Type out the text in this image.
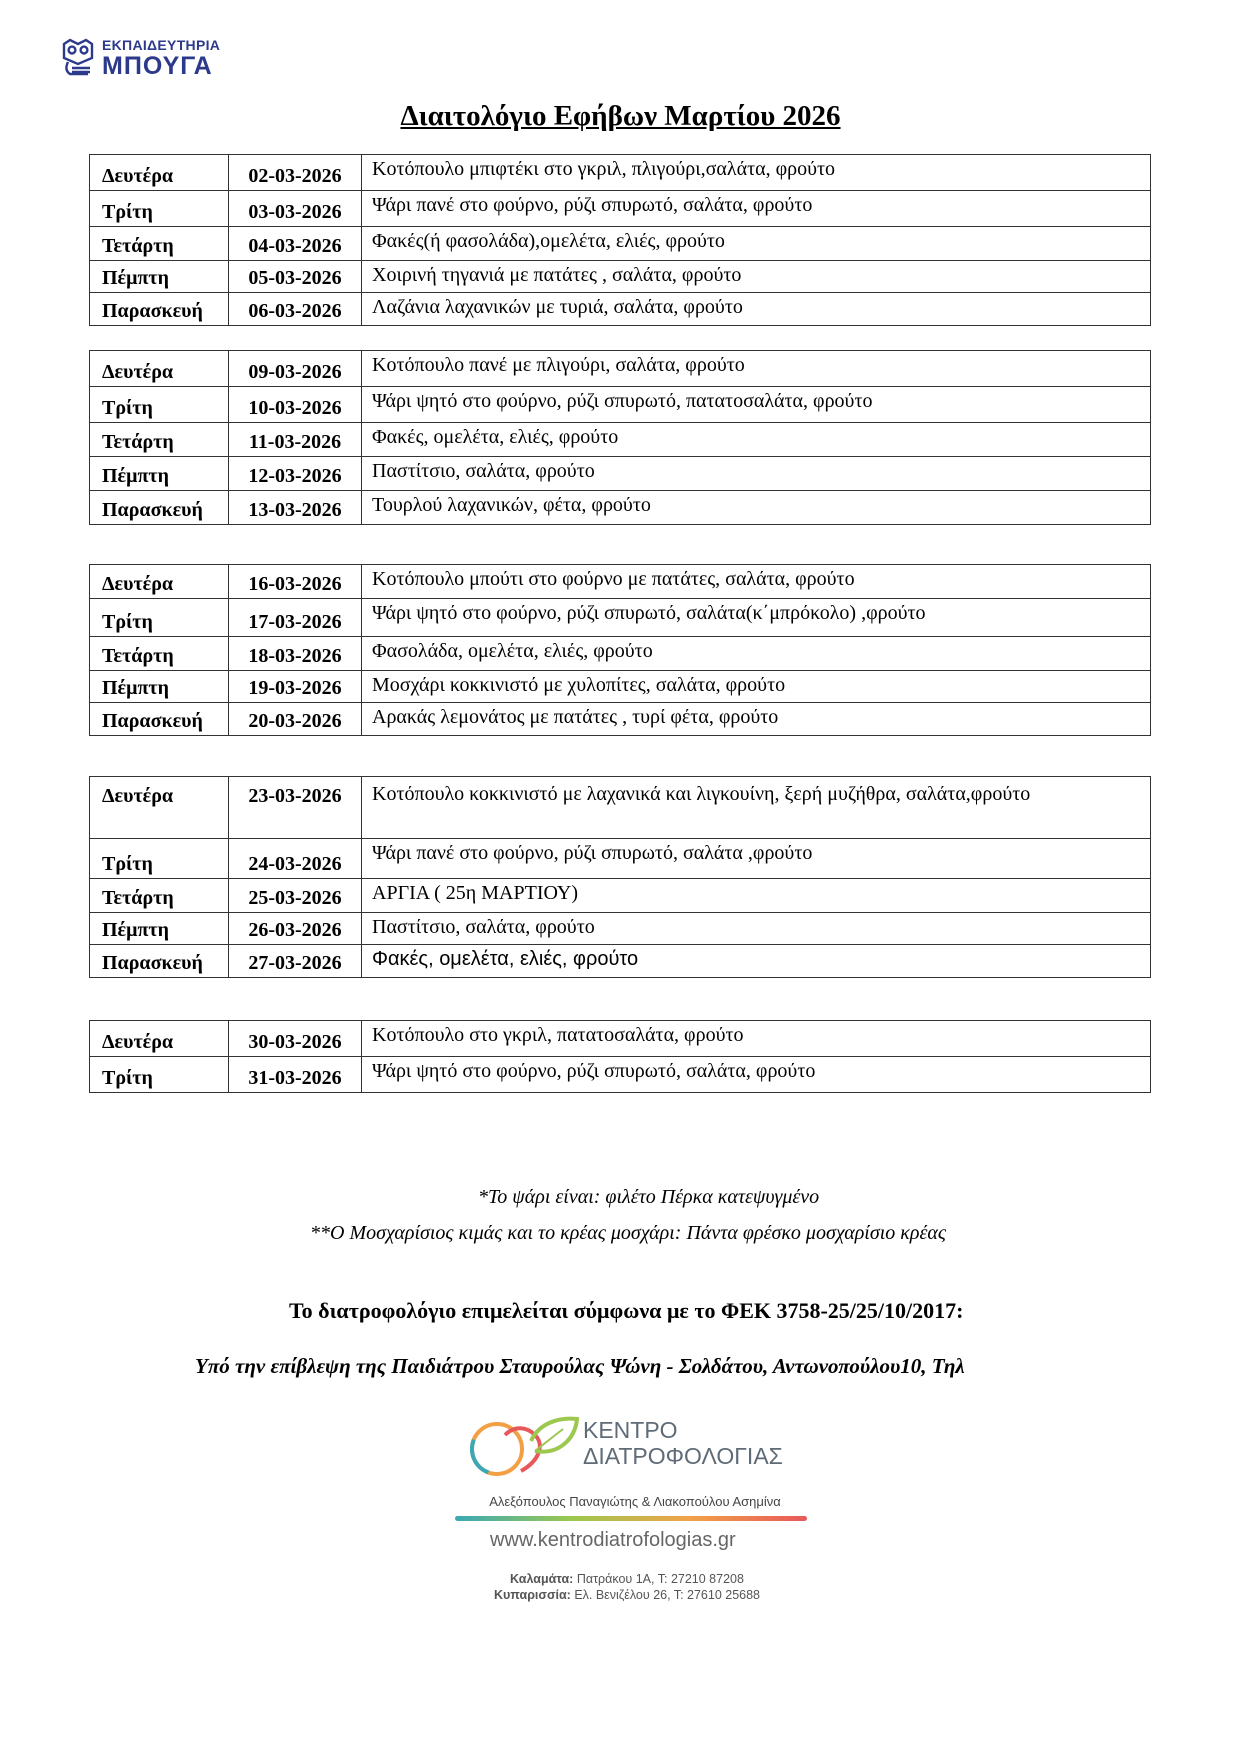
ΕΚΠΑΙΔΕΥΤΗΡΙΑ
ΜΠΟΥΓΑ
Διαιτολόγιο Εφήβων Μαρτίου 2026
Δευτέρα	02-03-2026	Κοτόπουλο μπιφτέκι στο γκριλ, πλιγούρι,σαλάτα, φρούτο
Τρίτη	03-03-2026	Ψάρι πανέ στο φούρνο, ρύζι σπυρωτό, σαλάτα, φρούτο
Τετάρτη	04-03-2026	Φακές(ή φασολάδα),ομελέτα, ελιές, φρούτο
Πέμπτη	05-03-2026	Χοιρινή τηγανιά με πατάτες , σαλάτα, φρούτο
Παρασκευή	06-03-2026	Λαζάνια λαχανικών με τυριά, σαλάτα, φρούτο
Δευτέρα	09-03-2026	Κοτόπουλο πανέ με πλιγούρι, σαλάτα, φρούτο
Τρίτη	10-03-2026	Ψάρι ψητό στο φούρνο, ρύζι σπυρωτό, πατατοσαλάτα, φρούτο
Τετάρτη	11-03-2026	Φακές, ομελέτα, ελιές, φρούτο
Πέμπτη	12-03-2026	Παστίτσιο, σαλάτα, φρούτο
Παρασκευή	13-03-2026	Τουρλού λαχανικών, φέτα, φρούτο
Δευτέρα	16-03-2026	Κοτόπουλο μπούτι στο φούρνο με πατάτες, σαλάτα, φρούτο
Τρίτη	17-03-2026	Ψάρι ψητό στο φούρνο, ρύζι σπυρωτό, σαλάτα(κ΄μπρόκολο) ,φρούτο
Τετάρτη	18-03-2026	Φασολάδα, ομελέτα, ελιές, φρούτο
Πέμπτη	19-03-2026	Μοσχάρι κοκκινιστό με χυλοπίτες, σαλάτα, φρούτο
Παρασκευή	20-03-2026	Αρακάς λεμονάτος με πατάτες , τυρί φέτα, φρούτο
Δευτέρα	23-03-2026	Κοτόπουλο κοκκινιστό με λαχανικά και λιγκουίνη, ξερή μυζήθρα, σαλάτα,φρούτο
Τρίτη	24-03-2026	Ψάρι πανέ στο φούρνο, ρύζι σπυρωτό, σαλάτα ,φρούτο
Τετάρτη	25-03-2026	ΑΡΓΙΑ ( 25η ΜΑΡΤΙΟΥ)
Πέμπτη	26-03-2026	Παστίτσιο, σαλάτα, φρούτο
Παρασκευή	27-03-2026	Φακές, ομελέτα, ελιές, φρούτο
Δευτέρα	30-03-2026	Κοτόπουλο στο γκριλ, πατατοσαλάτα, φρούτο
Τρίτη	31-03-2026	Ψάρι ψητό στο φούρνο, ρύζι σπυρωτό, σαλάτα, φρούτο
*Το ψάρι είναι: φιλέτο Πέρκα κατεψυγμένο
**Ο Μοσχαρίσιος κιμάς και το κρέας μοσχάρι: Πάντα φρέσκο μοσχαρίσιο κρέας
Το διατροφολόγιο επιμελείται σύμφωνα με το ΦΕΚ 3758-25/25/10/2017:
Υπό την επίβλεψη της Παιδιάτρου Σταυρούλας Ψώνη - Σολδάτου, Αντωνοπούλου10, Τηλ
ΚΕΝΤΡΟ
ΔΙΑΤΡΟΦΟΛΟΓΙΑΣ
Αλεξόπουλος Παναγιώτης & Λιακοπούλου Ασημίνα
www.kentrodiatrofologias.gr
Καλαμάτα: Πατράκου 1Α, Τ: 27210 87208
Κυπαρισσία: Ελ. Βενιζέλου 26, Τ: 27610 25688
